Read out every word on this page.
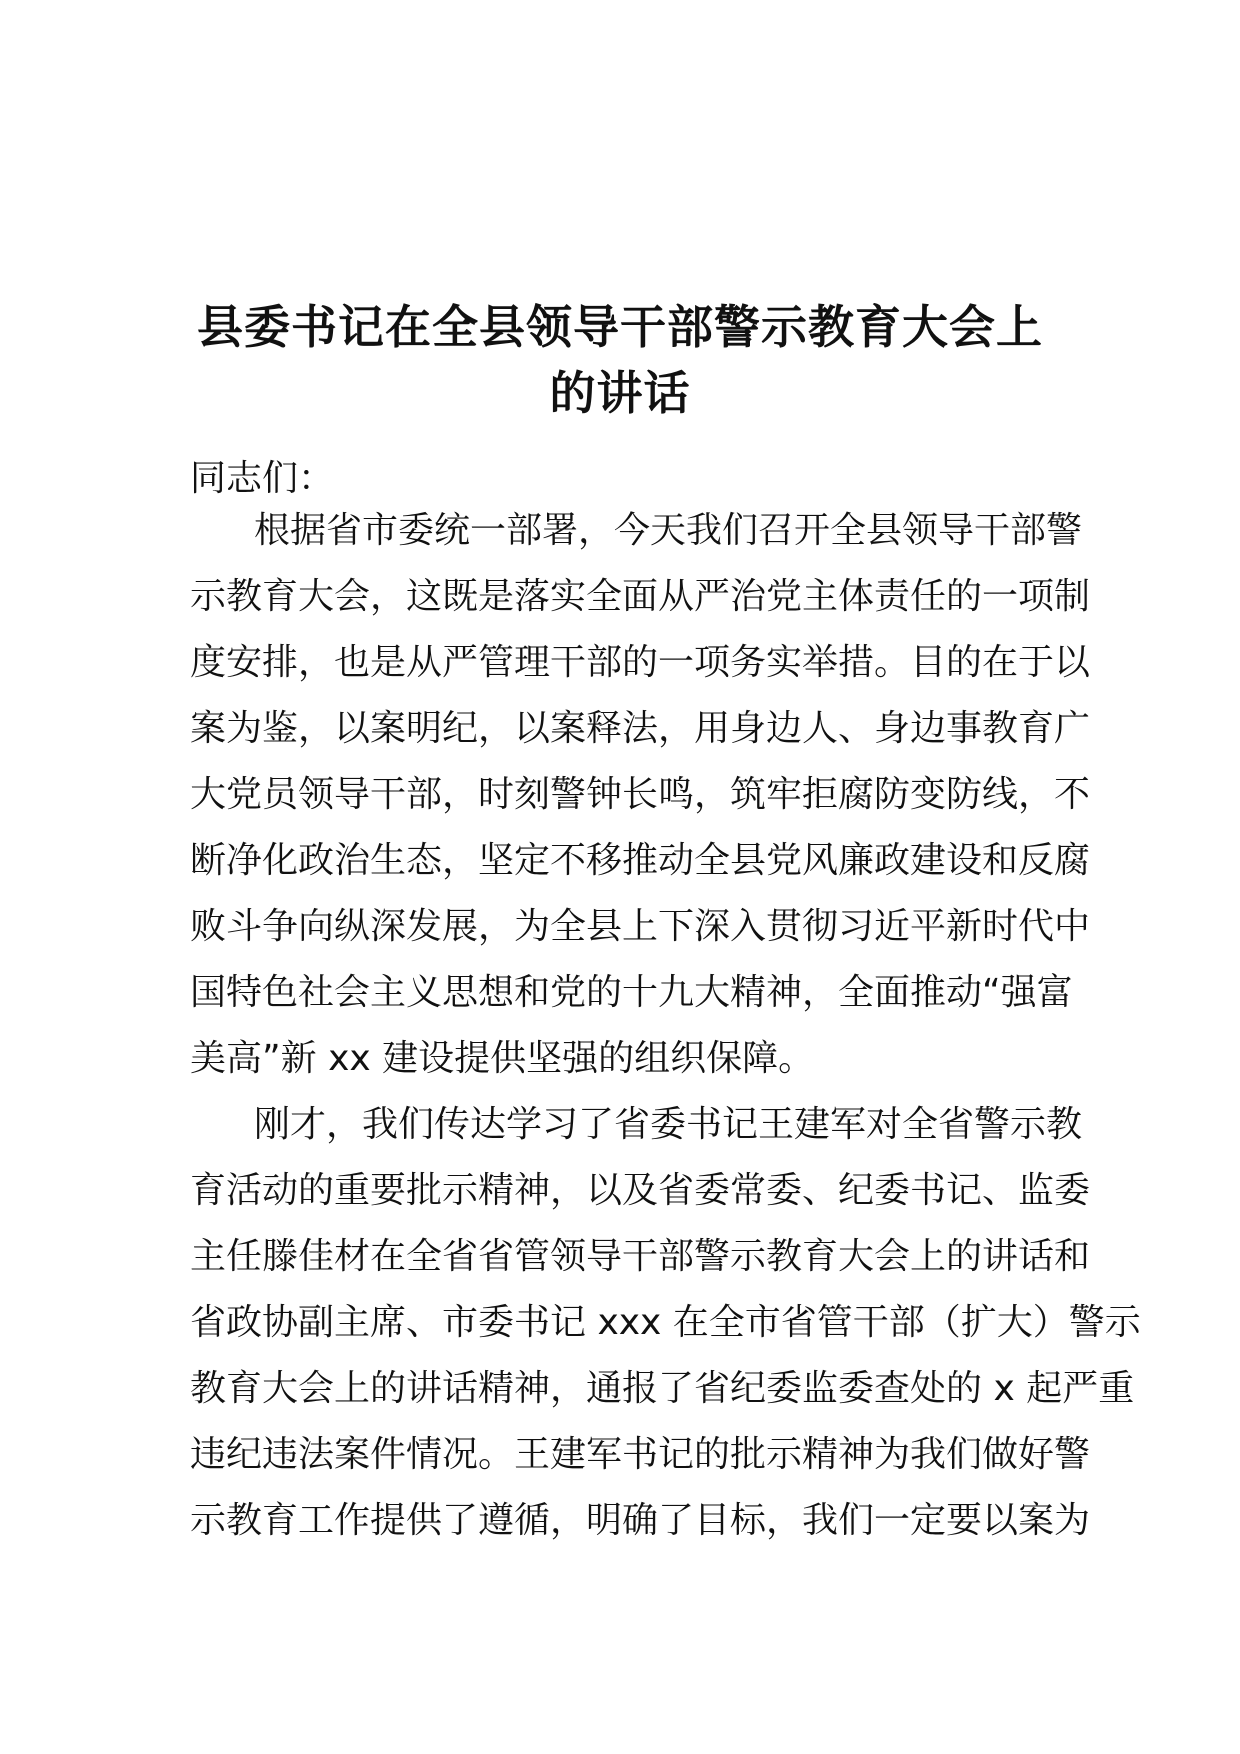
县委书记在全县领导干部警示教育大会上
的讲话

同志们：

根据省市委统一部署，今天我们召开全县领导干部警

示教育大会，这既是落实全面从严治党主体责任的一项制

度安排，也是从严管理干部的一项务实举措。目的在于以

案为鉴，以案明纪，以案释法，用身边人、身边事教育广

大党员领导干部，时刻警钟长鸣，筑牢拒腐防变防线，不

断净化政治生态，坚定不移推动全县党风廉政建设和反腐

败斗争向纵深发展，为全县上下深入贯彻习近平新时代中

国特色社会主义思想和党的十九大精神，全面推动“强富

美高”新 xx 建设提供坚强的组织保障。

刚才，我们传达学习了省委书记王建军对全省警示教

育活动的重要批示精神，以及省委常委、纪委书记、监委

主任滕佳材在全省省管领导干部警示教育大会上的讲话和

省政协副主席、市委书记 xxx 在全市省管干部（扩大）警示

教育大会上的讲话精神，通报了省纪委监委查处的 x 起严重

违纪违法案件情况。王建军书记的批示精神为我们做好警

示教育工作提供了遵循，明确了目标，我们一定要以案为
